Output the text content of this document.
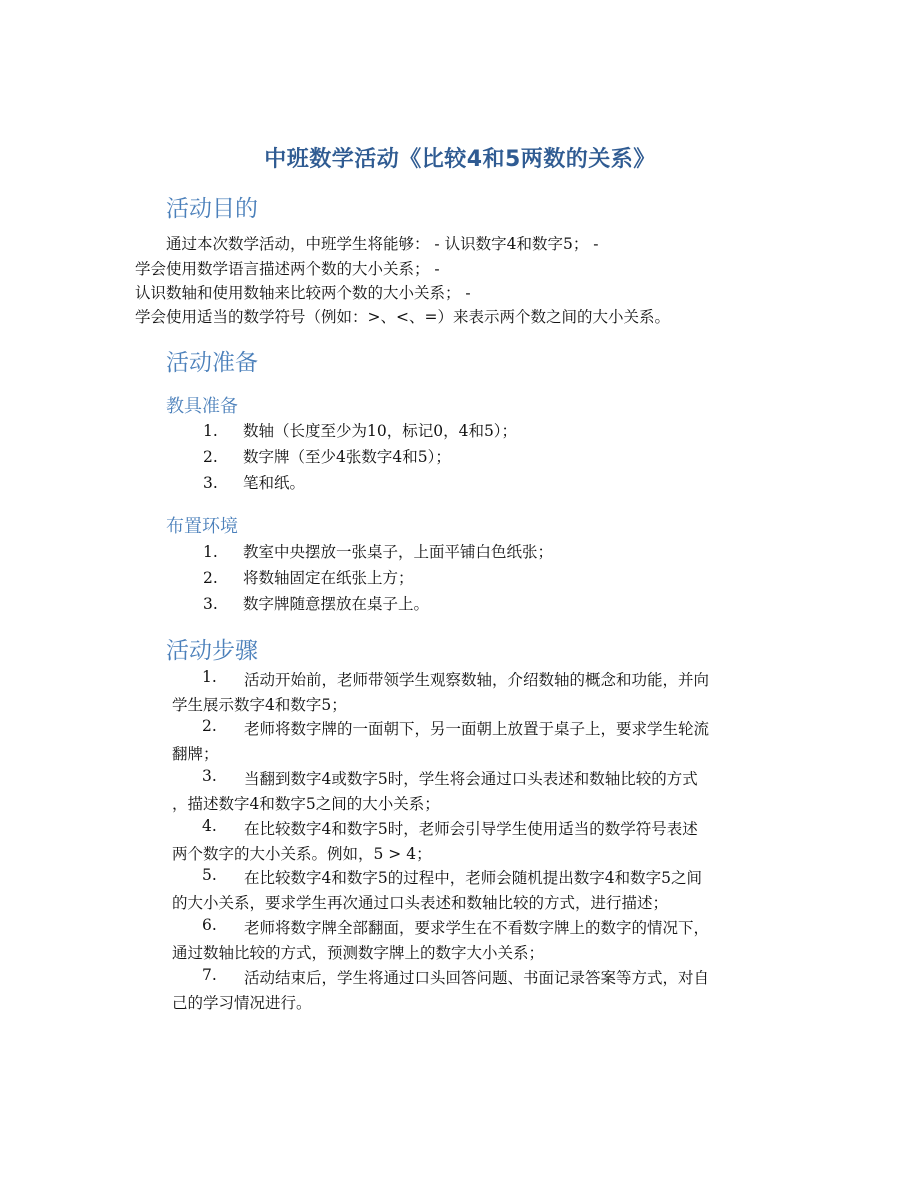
中班数学活动《比较4和5两数的关系》
活动目的
通过本次数学活动，中班学生将能够： - 认识数字4和数字5； -
学会使用数学语言描述两个数的大小关系； -
认识数轴和使用数轴来比较两个数的大小关系； -
学会使用适当的数学符号（例如：>、<、=）来表示两个数之间的大小关系。
活动准备
教具准备
1.	数轴（长度至少为10，标记0，4和5）；
2.	数字牌（至少4张数字4和5）；
3.	笔和纸。
布置环境
1.	教室中央摆放一张桌子，上面平铺白色纸张；
2.	将数轴固定在纸张上方；
3.	数字牌随意摆放在桌子上。
活动步骤
1. 活动开始前，老师带领学生观察数轴，介绍数轴的概念和功能，并向
学生展示数字4和数字5；
2. 老师将数字牌的一面朝下，另一面朝上放置于桌子上，要求学生轮流
翻牌；
3. 当翻到数字4或数字5时，学生将会通过口头表述和数轴比较的方式
，描述数字4和数字5之间的大小关系；
4. 在比较数字4和数字5时，老师会引导学生使用适当的数学符号表述
两个数字的大小关系。例如，5 > 4；
5. 在比较数字4和数字5的过程中，老师会随机提出数字4和数字5之间
的大小关系，要求学生再次通过口头表述和数轴比较的方式，进行描述；
6. 老师将数字牌全部翻面，要求学生在不看数字牌上的数字的情况下，
通过数轴比较的方式，预测数字牌上的数字大小关系；
7. 活动结束后，学生将通过口头回答问题、书面记录答案等方式，对自
己的学习情况进行。
